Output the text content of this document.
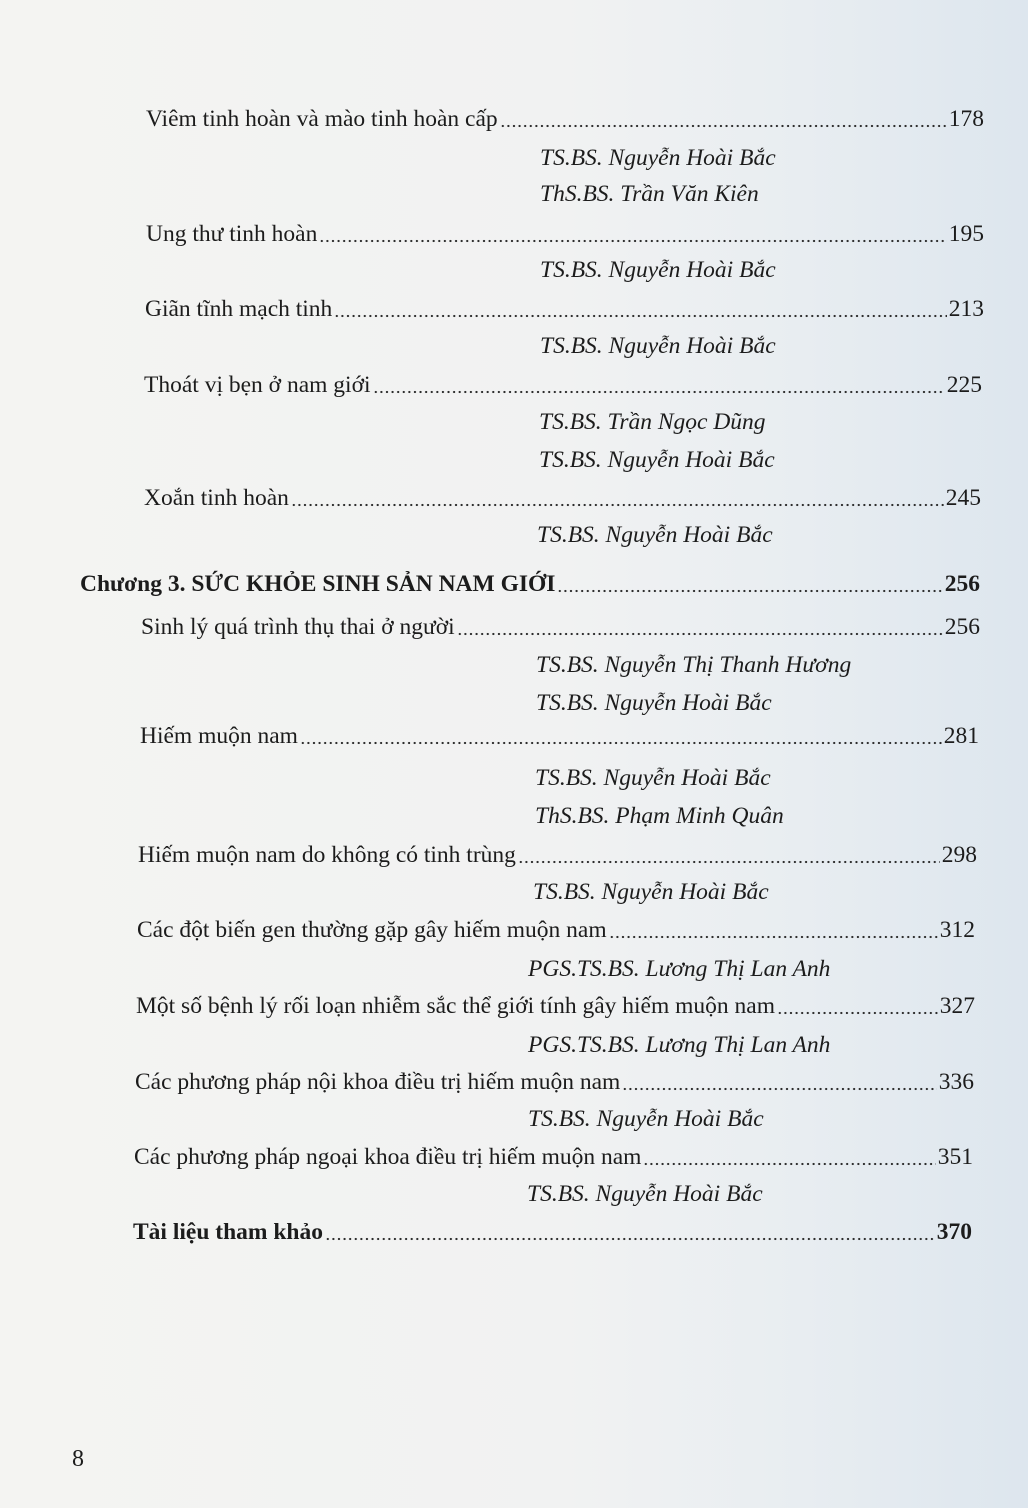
Viêm tinh hoàn và mào tinh hoàn cấp	178
TS.BS. Nguyễn Hoài Bắc
ThS.BS. Trần Văn Kiên
Ung thư tinh hoàn	195
TS.BS. Nguyễn Hoài Bắc
Giãn tĩnh mạch tinh	213
TS.BS. Nguyễn Hoài Bắc
Thoát vị bẹn ở nam giới	225
TS.BS. Trần Ngọc Dũng
TS.BS. Nguyễn Hoài Bắc
Xoắn tinh hoàn	245
TS.BS. Nguyễn Hoài Bắc
Chương 3. SỨC KHỎE SINH SẢN NAM GIỚI	256
Sinh lý quá trình thụ thai ở người	256
TS.BS. Nguyễn Thị Thanh Hương
TS.BS. Nguyễn Hoài Bắc
Hiếm muộn nam	281
TS.BS. Nguyễn Hoài Bắc
ThS.BS. Phạm Minh Quân
Hiếm muộn nam do không có tinh trùng	298
TS.BS. Nguyễn Hoài Bắc
Các đột biến gen thường gặp gây hiếm muộn nam	312
PGS.TS.BS. Lương Thị Lan Anh
Một số bệnh lý rối loạn nhiễm sắc thể giới tính gây hiếm muộn nam	327
PGS.TS.BS. Lương Thị Lan Anh
Các phương pháp nội khoa điều trị hiếm muộn nam	336
TS.BS. Nguyễn Hoài Bắc
Các phương pháp ngoại khoa điều trị hiếm muộn nam	351
TS.BS. Nguyễn Hoài Bắc
Tài liệu tham khảo	370
8
